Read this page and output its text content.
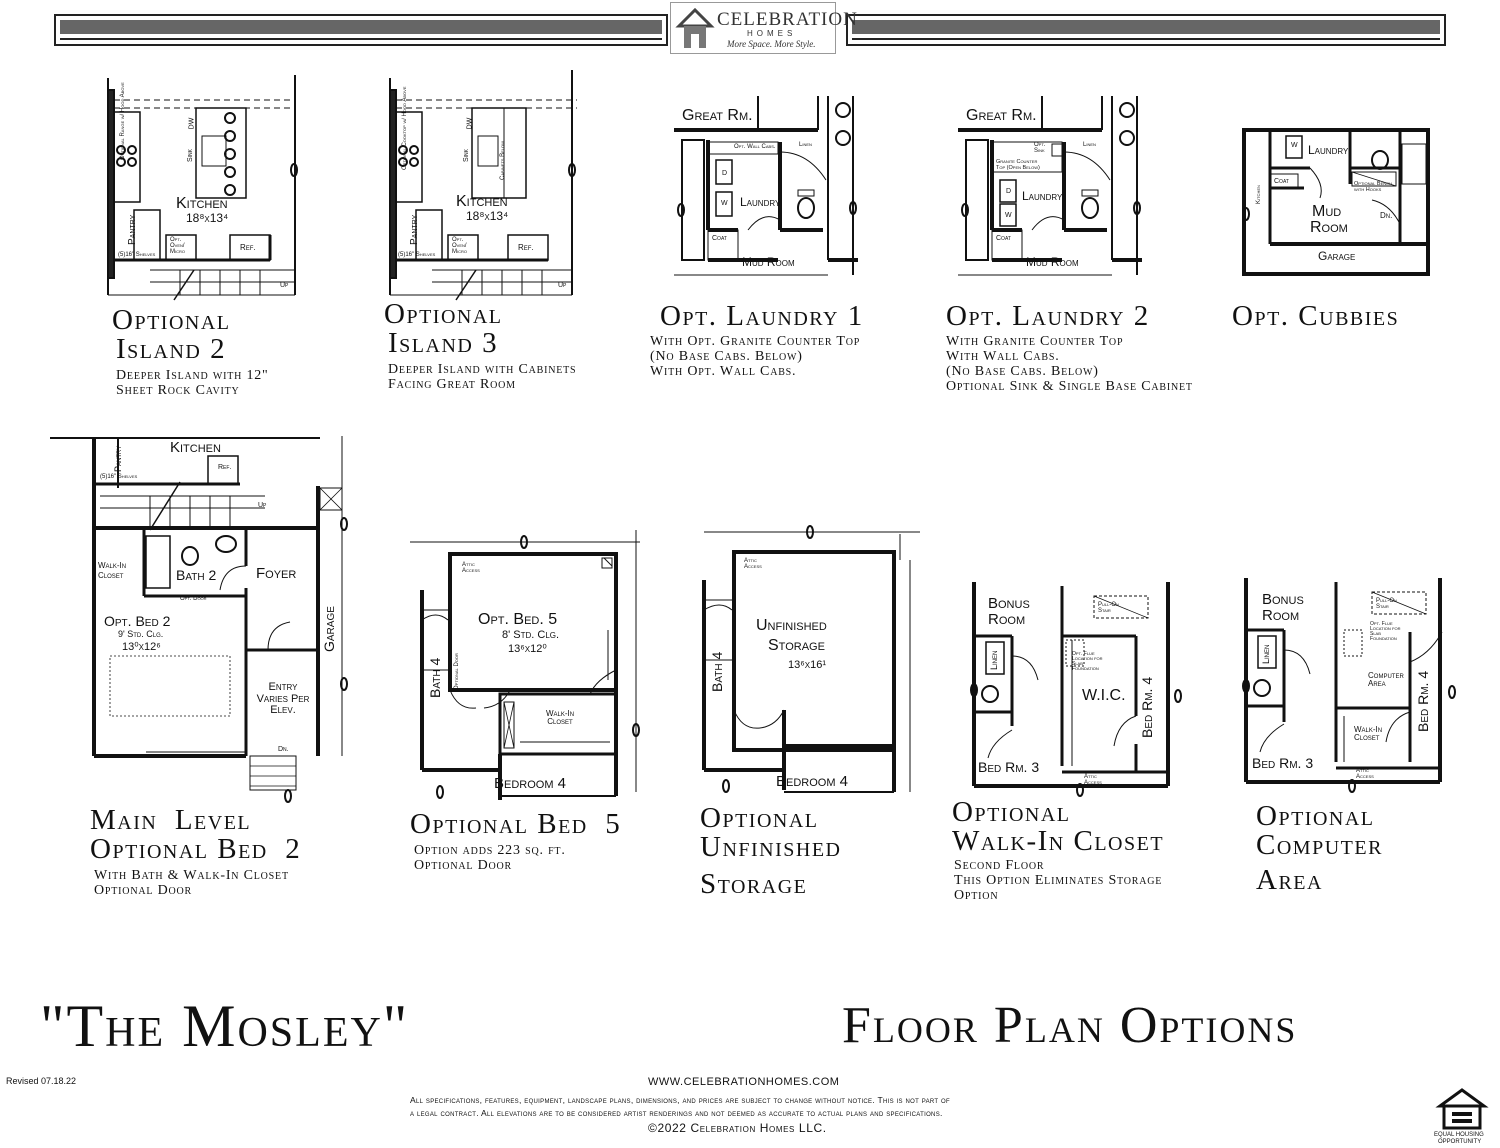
CELEBRATION
HOMES
More Space. More Style.
Kitchen
18⁸x13⁴
Sink
DW
Optional Range w/ Hood Above
Pantry
(5)16" Shelves
Opt. Oven/ Micro	Ref.
Up
Optional
Island 2
Deeper Island with 12"
Sheet Rock Cavity
Kitchen
18⁸x13⁴
Sink
DW
Cabinets Below
Optional Cooktop w/ Hood Above
Pantry
(5)16" Shelves
Opt. Oven/ Micro	Ref.
Up
Optional
Island 3
Deeper Island with Cabinets
Facing Great Room
Great Rm.
Opt. Wall Cabs.	Linen
Laundry
D
W
Coat
Mud Room
Opt. Laundry 1
With Opt. Granite Counter Top
(No Base Cabs. Below)
With Opt. Wall Cabs.
Great Rm.
Opt. Sink
Granite Counter Top (Open Below)
Linen
Laundry
D
W
Coat
Mud Room
Opt. Laundry 2
With Granite Counter Top
With Wall Cabs.
(No Base Cabs. Below)
Optional Sink & Single Base Cabinet
Laundry
W
Kitchen
Coat
Mud
Room
Optional Bench with Hooks
Dn.
Garage
Opt. Cubbies
Kitchen
Pantry
(5)16" Shelves
Ref.
Up
Walk-In Closet	Bath 2
Opt. Door
Foyer
Garage
Opt. Bed 2
9' Std. Clg.
13⁰x12⁶
Entry Varies Per Elev.
Dn.
Main  Level
Optional Bed  2
With Bath & Walk-In Closet
Optional Door
Attic Access
Opt. Bed. 5
8' Std. Clg.
13⁶x12⁰
Bath 4 Optional Door
Walk-In Closet
Bedroom 4
Optional Bed  5
Option adds 223 sq. ft.
Optional Door
Attic Access
Unfinished
Storage
13⁶x16¹
Bath 4
Bedroom 4
Optional
Unfinished
Storage
Bonus
Room
Pull-On Stair
Linen	Opt. Flue Location for Slab Foundation
W.I.C. Bed Rm. 4
Bed Rm. 3
Attic Access
Optional
Walk-In Closet
Second Floor
This Option Eliminates Storage
Option
Bonus
Room
Pull-On Stair
Linen
Opt. Flue Location for Slab Foundation
Computer Area
Walk-In Closet
Bed Rm. 4
Bed Rm. 3	Attic Access
Optional
Computer
Area
"The Mosley"	Floor Plan Options
Revised 07.18.22	WWW.CELEBRATIONHOMES.COM
All specifications, features, equipment, landscape plans, dimensions, and prices are subject to change without notice. This is not part of
a legal contract. All elevations are to be considered artist renderings and not deemed as accurate to actual plans and specifications.
©2022 Celebration Homes LLC.	EQUAL HOUSING
OPPORTUNITY
